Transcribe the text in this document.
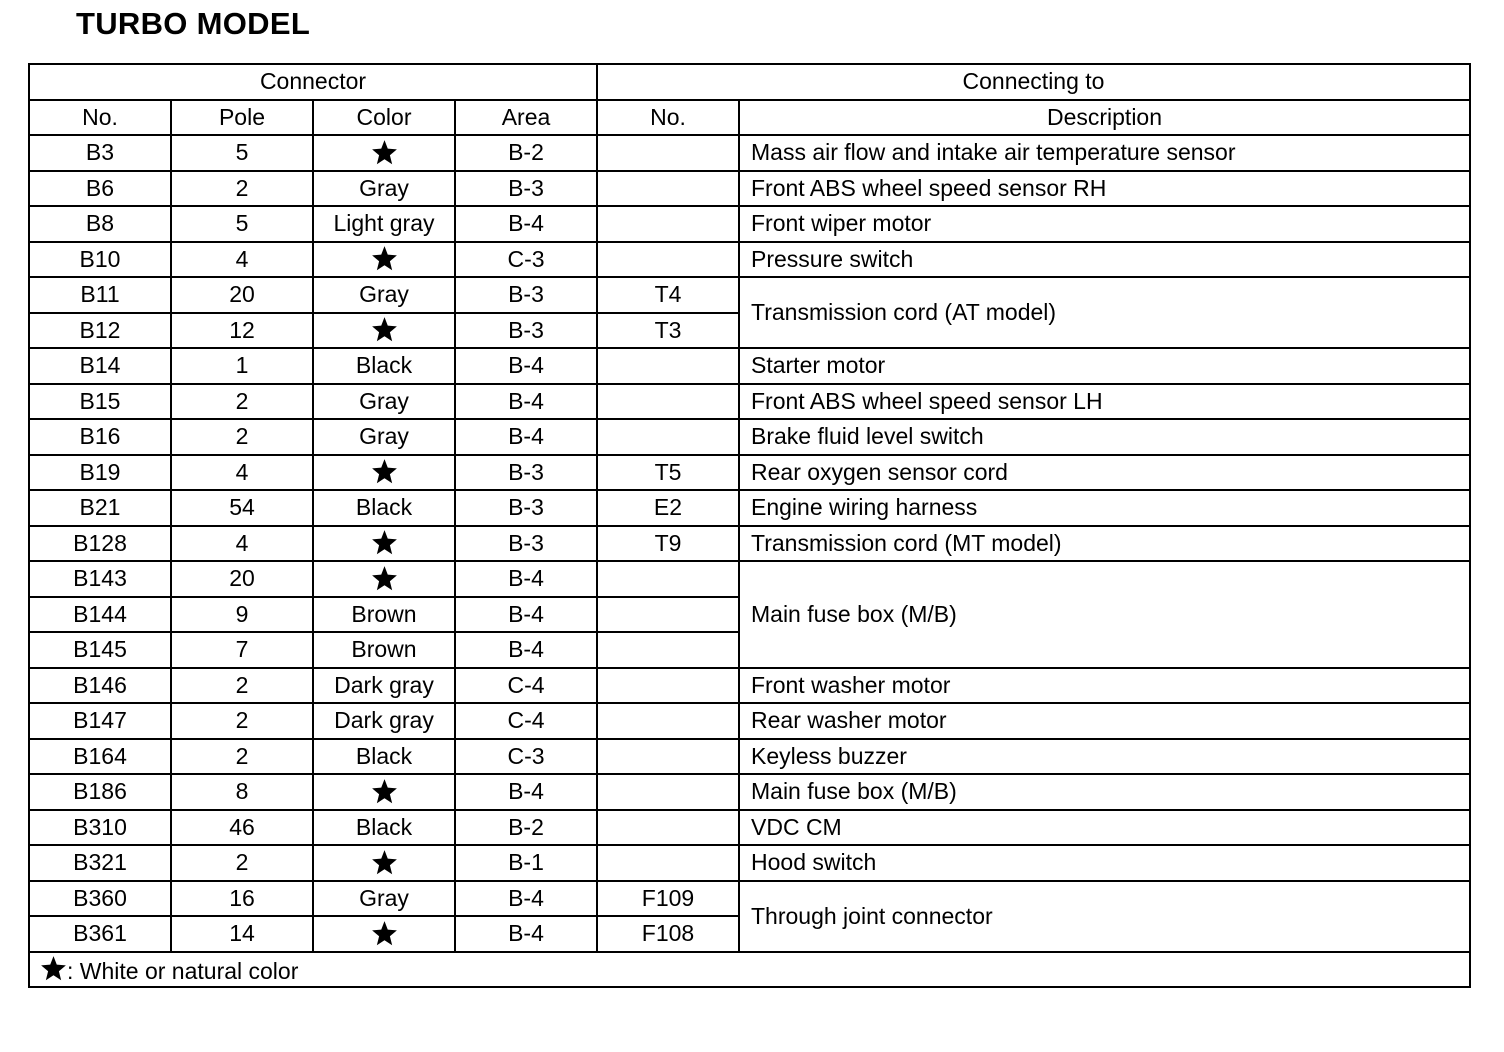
TURBO MODEL
Connector				Connecting to	
No.	Pole	Color	Area	No.	Description
B3	5		B-2		Mass air flow and intake air temperature sensor
B6	2	Gray	B-3		Front ABS wheel speed sensor RH
B8	5	Light gray	B-4		Front wiper motor
B10	4		C-3		Pressure switch
B11	20	Gray	B-3	T4	Transmission cord (AT model)
B12	12		B-3	T3	
B14	1	Black	B-4		Starter motor
B15	2	Gray	B-4		Front ABS wheel speed sensor LH
B16	2	Gray	B-4		Brake fluid level switch
B19	4		B-3	T5	Rear oxygen sensor cord
B21	54	Black	B-3	E2	Engine wiring harness
B128	4		B-3	T9	Transmission cord (MT model)
B143	20		B-4		Main fuse box (M/B)
B144	9	Brown	B-4		
B145	7	Brown	B-4		
B146	2	Dark gray	C-4		Front washer motor
B147	2	Dark gray	C-4		Rear washer motor
B164	2	Black	C-3		Keyless buzzer
B186	8		B-4		Main fuse box (M/B)
B310	46	Black	B-2		VDC CM
B321	2		B-1		Hood switch
B360	16	Gray	B-4	F109	Through joint connector
B361	14		B-4	F108	
: White or natural color					
